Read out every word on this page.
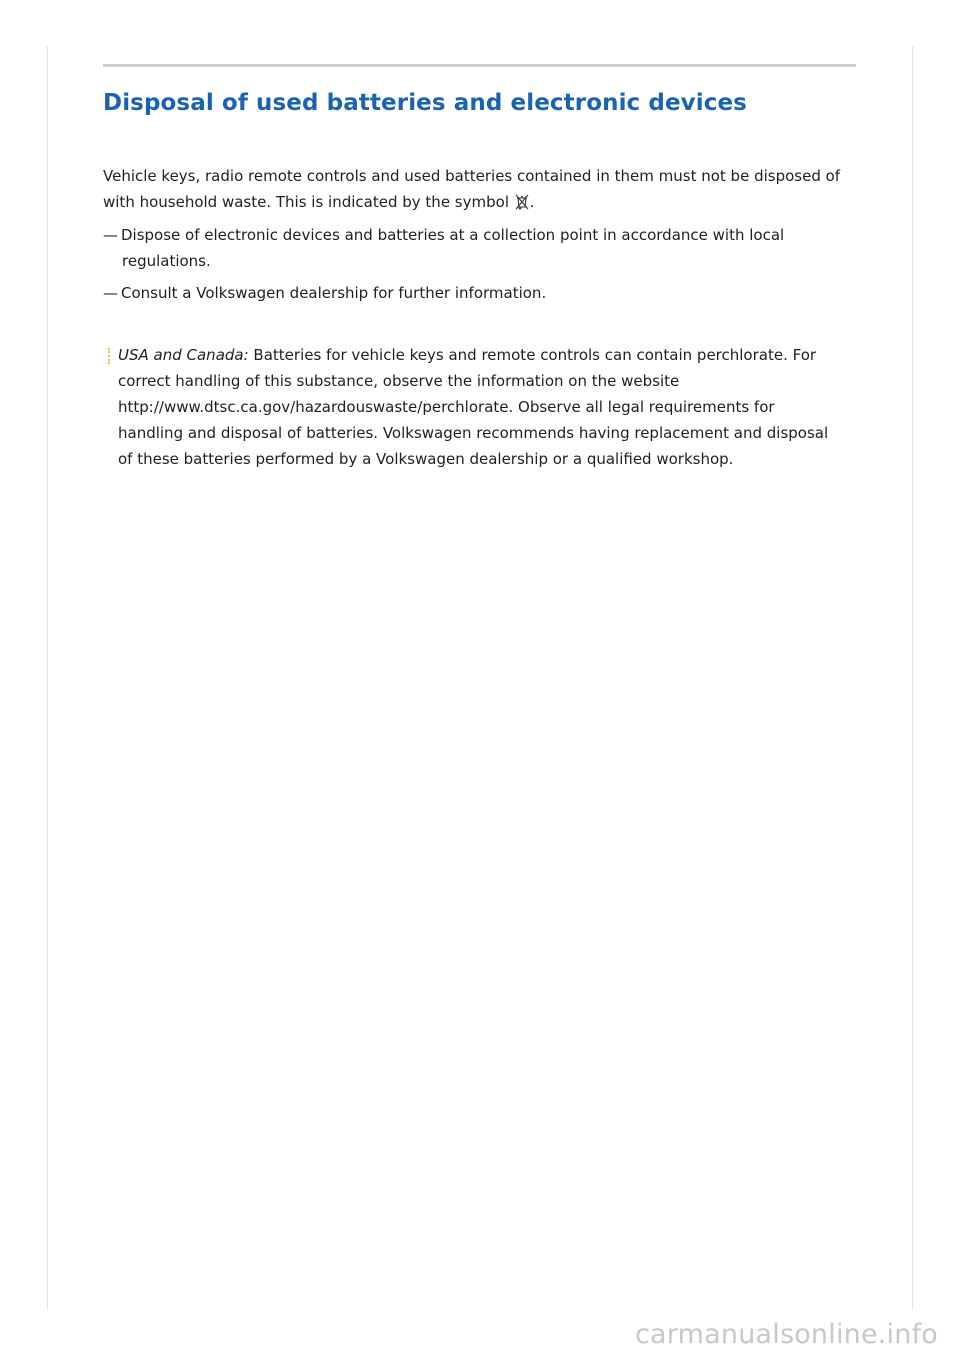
Disposal of used batteries and electronic devices

Vehicle keys, radio remote controls and used batteries contained in them must not be disposed of with household waste. This is indicated by the symbol .

— Dispose of electronic devices and batteries at a collection point in accordance with local
regulations.
— Consult a Volkswagen dealership for further information.
USA and Canada: Batteries for vehicle keys and remote controls can contain perchlorate. For correct handling of this substance, observe the information on the website http://www.dtsc.ca.gov/hazardouswaste/perchlorate. Observe all legal requirements for handling and disposal of batteries. Volkswagen recommends having replacement and disposal of these batteries performed by a Volkswagen dealership or a qualified workshop.
carmanualsonline.info
